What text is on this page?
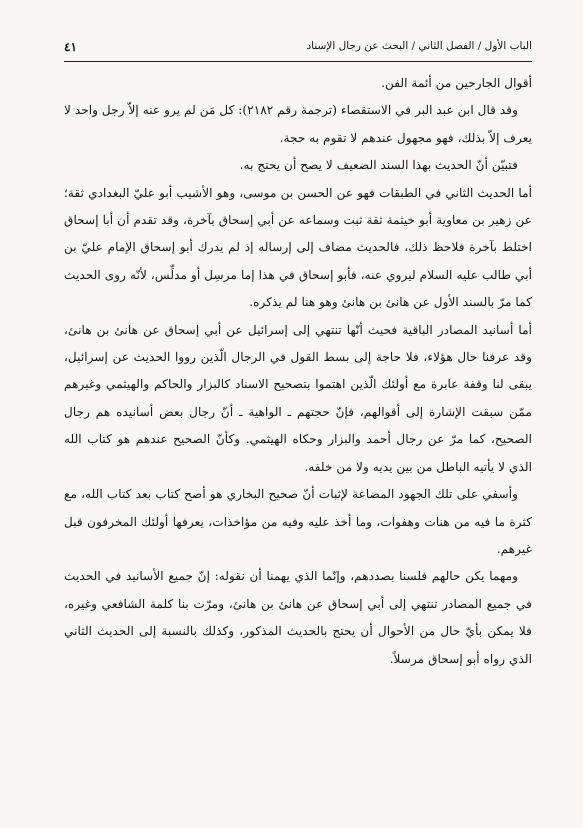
الباب الأول / الفصل الثاني / البحث عن رجال الإسناد
٤١

أقوال الجارحين من أئمة الفن.

وقد قال ابن عبد البر في الاستقصاء (ترجمة رقم ٢١٨٢): كل مَن لم يرو عنه إلاّ رجل واحد لا يعرف إلاّ بذلك، فهو مجهول عندهم لا تقوم به حجة.

فتبيّن أنّ الحديث بهذا السند الضعيف لا يصح أن يحتج به.

أما الحديث الثاني في الطبقات فهو عن الحسن بن موسى، وهو الأشيب أبو عليّ البغدادي ثقة؛ عن زهير بن معاوية أبو خيثمة ثقة ثبت وسماعه عن أبي إسحاق بآخرة، وقد تقدم أن أبا إسحاق اختلط بآخرة فلاحظ ذلك، فالحديث مضاف إلى إرساله إذ لم يدرك أبو إسحاق الإمام عليّ بن أبي طالب عليه السلام ليروي عنه، فأبو إسحاق في هذا إما مرسِل أو مدلِّس، لأنّه روى الحديث كما مرّ بالسند الأول عن هانئ بن هانئ وهو هنا لم يذكره.

أما أسانيد المصادر الباقية فحيث أنّها تنتهي إلى إسرائيل عن أبي إسحاق عن هانئ بن هانئ، وقد عرفنا حال هؤلاء، فلا حاجة إلى بسط القول في الرجال الّذين رووا الحديث عن إسرائيل، يبقى لنا وقفة عابرة مع أولئك الّذين اهتموا بتصحيح الاسناد كالبزار والحاكم والهيثمي وغيرهم ممّن سبقت الإشارة إلى أقوالهم، فإنّ حجتهم ـ الواهية ـ أنّ رجال بعض أسانيده هم رجال الصحيح، كما مرّ عن رجال أحمد والبزار وحكاه الهيثمي. وكأنّ الصحيح عندهم هو كتاب الله الذي لا يأتيه الباطل من بين يديه ولا من خلفه.

وأسفي على تلك الجهود المضاعة لإثبات أنّ صحيح البخاري هو أصح كتاب بعد كتاب الله، مع كثرة ما فيه من هنات وهفوات، وما أخذ عليه وفيه من مؤاخذات، يعرفها أولئك المخرفون قبل غيرهم.

ومهما يكن حالهم فلسنا بصددهم، وإنّما الذي يهمنا أن نقوله: إنّ جميع الأسانيد في الحديث في جميع المصادر تنتهي إلى أبي إسحاق عن هانئ بن هانئ، ومرّت بنا كلمة الشافعي وغيره، فلا يمكن بأيّ حال من الأحوال أن يحتج بالحديث المذكور، وكذلك بالنسبة إلى الحديث الثاني الذي رواه أبو إسحاق مرسلاً.
